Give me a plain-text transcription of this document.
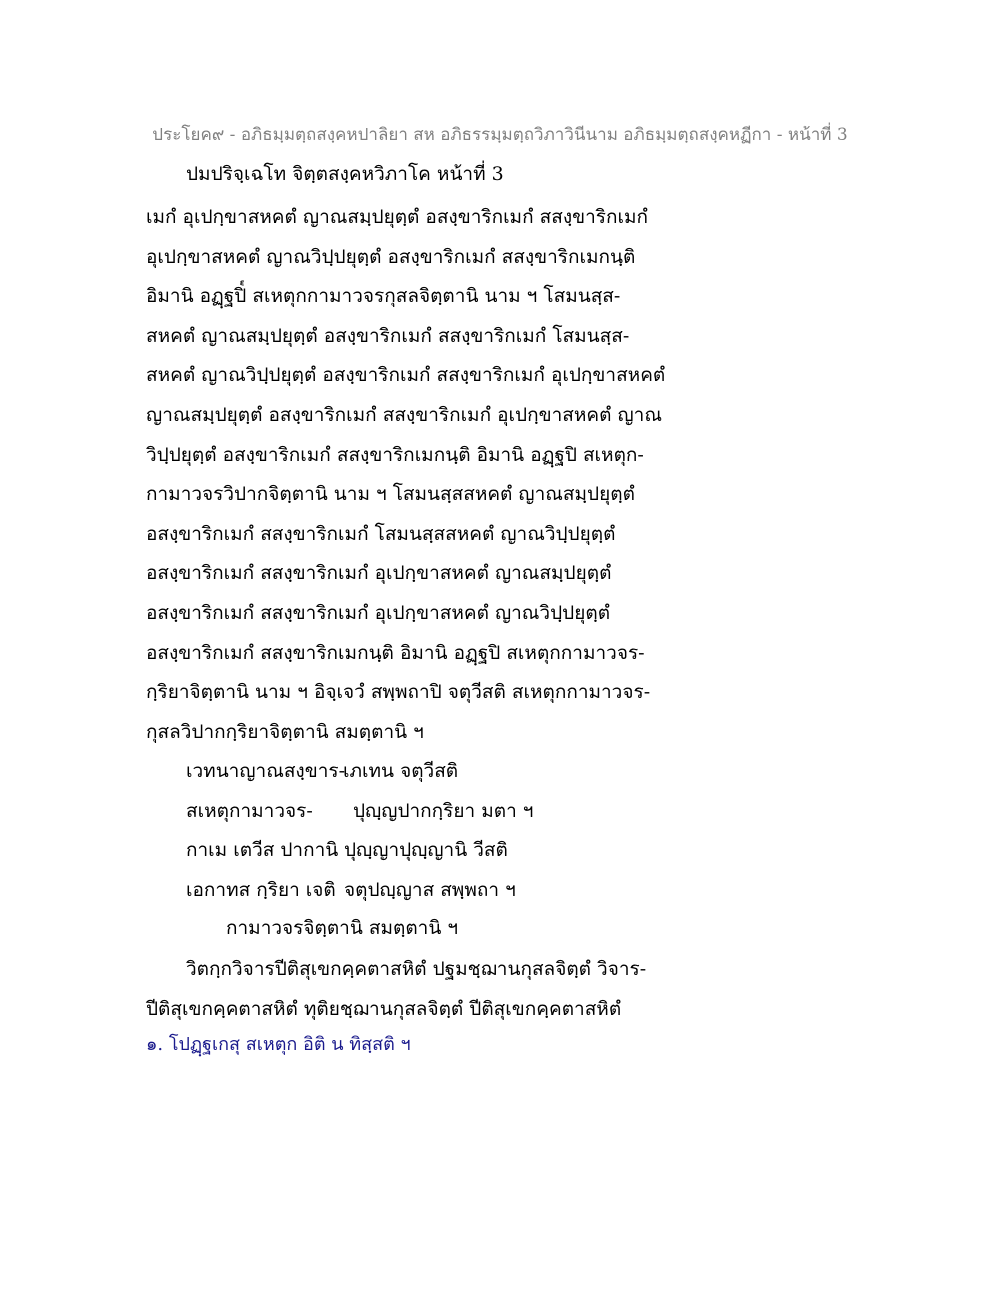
ประโยค๙ - อภิธมฺมตฺถสงฺคหปาลิยา สห อภิธรรมฺมตฺถวิภาวินีนาม อภิธมฺมตฺถสงฺคหฏีกา - หน้าที่ 3
ปมปริจฺเฉโท จิตฺตสงฺคหวิภาโค หน้าที่ 3
เมกํ อุเปกฺขาสหคตํ ญาณสมฺปยุตฺตํ อสงฺขาริกเมกํ สสงฺขาริกเมกํ
อุเปกฺขาสหคตํ ญาณวิปฺปยุตฺตํ อสงฺขาริกเมกํ สสงฺขาริกเมกนฺติ
อิมานิ อฏฺฐปิ๎ สเหตุกกามาวจรกุสลจิตฺตานิ นาม ฯ โสมนสฺส-
สหคตํ ญาณสมฺปยุตฺตํ อสงฺขาริกเมกํ สสงฺขาริกเมกํ โสมนสฺส-
สหคตํ ญาณวิปฺปยุตฺตํ อสงฺขาริกเมกํ สสงฺขาริกเมกํ อุเปกฺขาสหคตํ
ญาณสมฺปยุตฺตํ อสงฺขาริกเมกํ สสงฺขาริกเมกํ อุเปกฺขาสหคตํ ญาณ
วิปฺปยุตฺตํ อสงฺขาริกเมกํ สสงฺขาริกเมกนฺติ อิมานิ อฏฺฐปิ สเหตุก-
กามาวจรวิปากจิตฺตานิ นาม ฯ โสมนสฺสสหคตํ ญาณสมฺปยุตฺตํ
อสงฺขาริกเมกํ สสงฺขาริกเมกํ โสมนสฺสสหคตํ ญาณวิปฺปยุตฺตํ
อสงฺขาริกเมกํ สสงฺขาริกเมกํ อุเปกฺขาสหคตํ ญาณสมฺปยุตฺตํ
อสงฺขาริกเมกํ สสงฺขาริกเมกํ อุเปกฺขาสหคตํ ญาณวิปฺปยุตฺตํ
อสงฺขาริกเมกํ สสงฺขาริกเมกนฺติ อิมานิ อฏฺฐปิ สเหตุกกามาวจร-
กฺริยาจิตฺตานิ นาม ฯ อิจฺเจวํ สพฺพถาปิ จตุวีสติ สเหตุกกามาวจร-
กุสลวิปากกฺริยาจิตฺตานิ สมตฺตานิ ฯ
เวทนาญาณสงฺขาร-
เภเทน จตุวีสติ
สเหตุกามาวจร-	ปุญฺญปากกฺริยา มตา ฯ
กาเม เตวีส ปากานิ ปุญฺญาปุญฺญานิ วีสติ
เอกาทส กฺริยา เจติ จตุปญฺญาส สพฺพถา ฯ
กามาวจรจิตฺตานิ สมตฺตานิ ฯ
วิตกฺกวิจารปีติสุเขกคฺคตาสหิตํ ปฐมชฺฌานกุสลจิตฺตํ วิจาร-
ปีติสุเขกคฺคตาสหิตํ ทุติยชฺฌานกุสลจิตฺตํ ปีติสุเขกคฺคตาสหิตํ
๑. โปฏฺฐเกสุ สเหตุก อิติ น ทิสฺสติ ฯ
